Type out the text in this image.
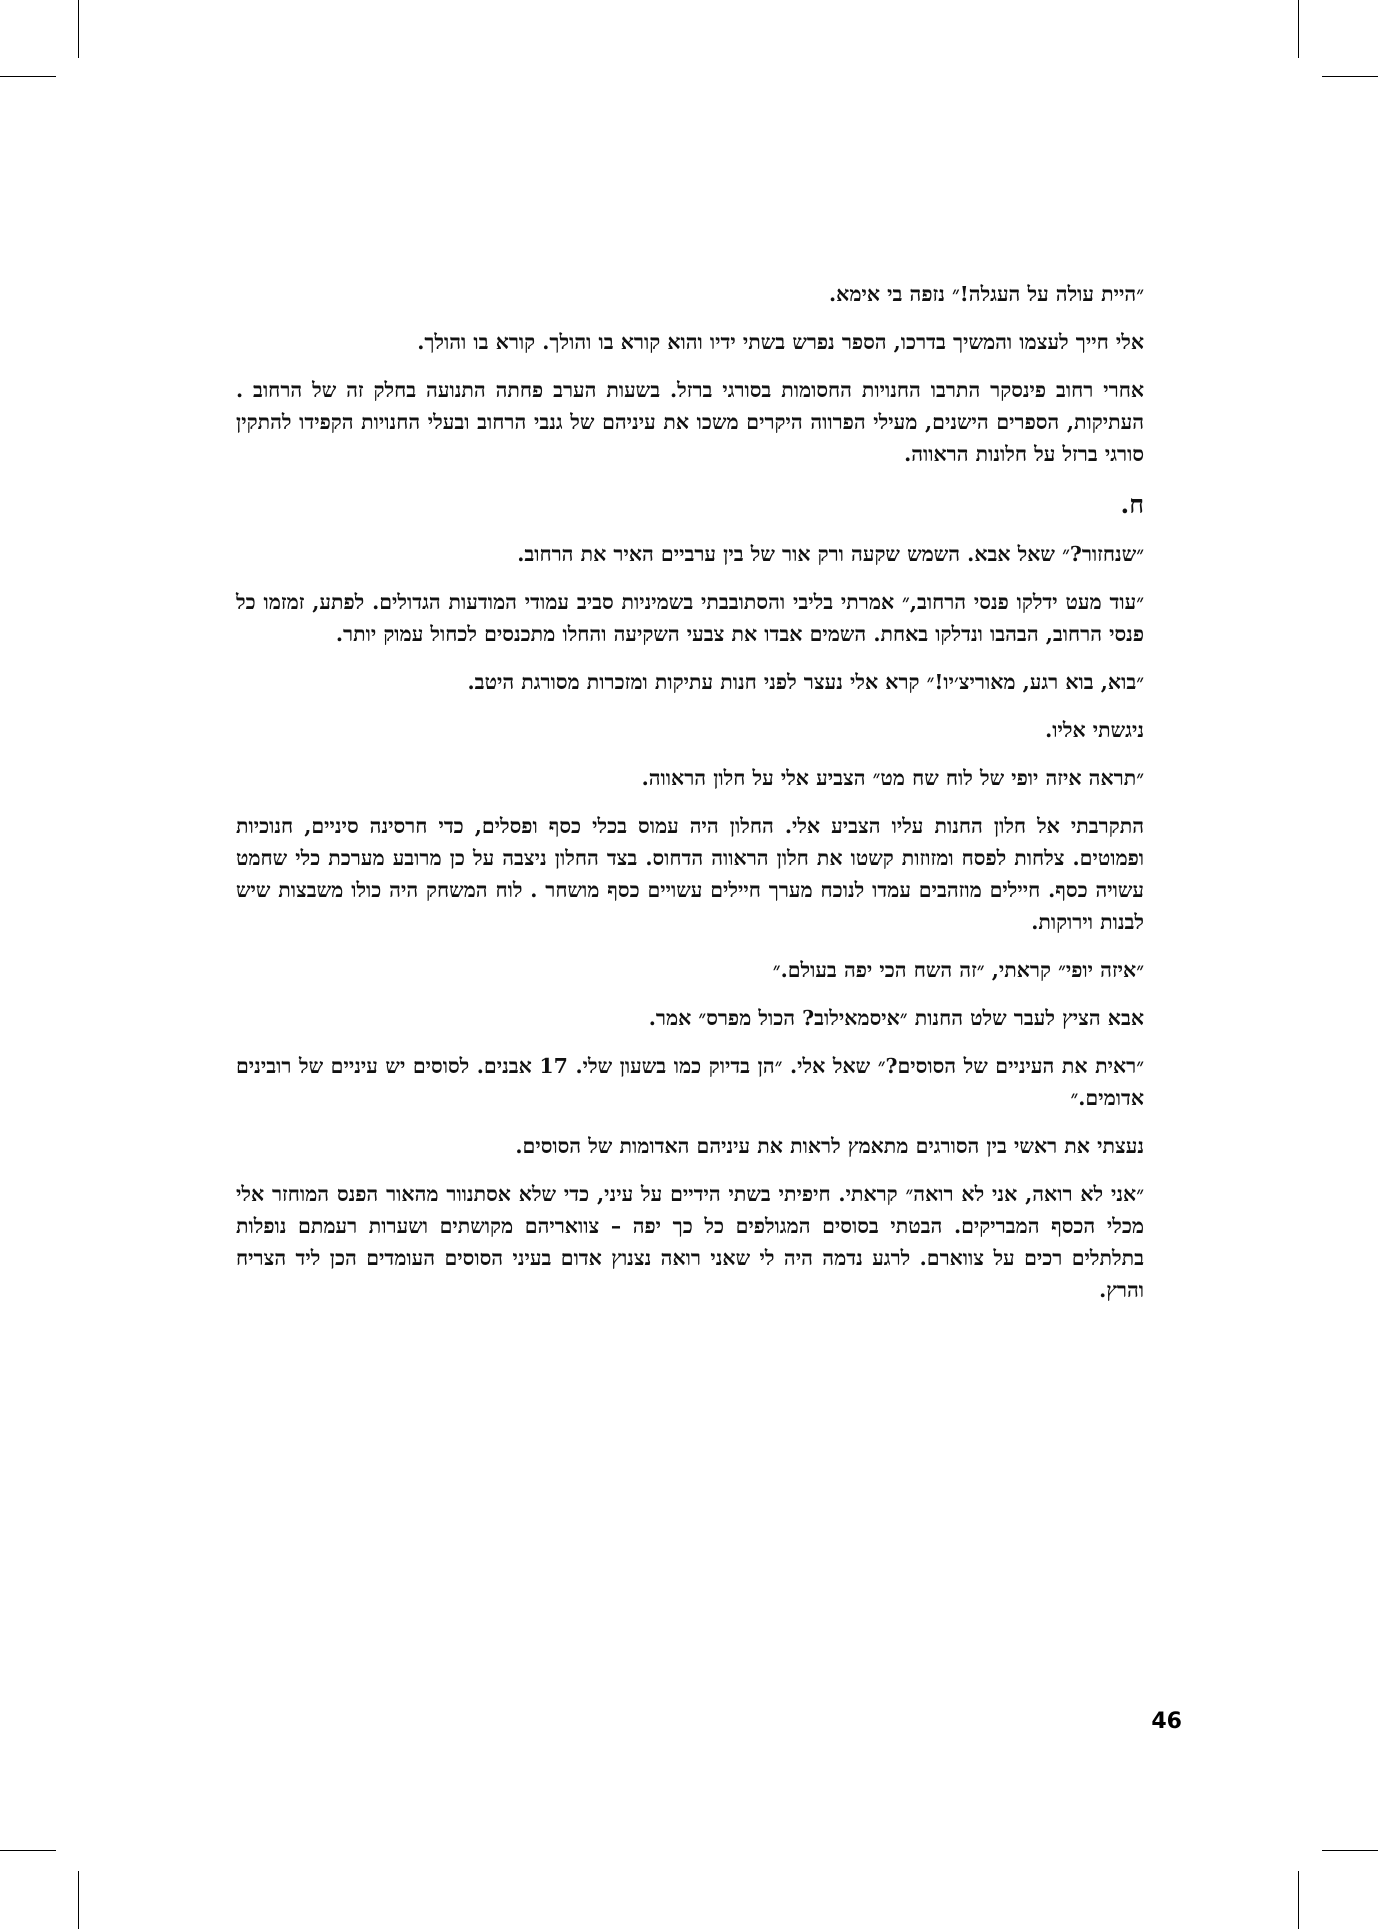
״היית עולה על העגלה!״ נזפה בי אימא.

אלי חייך לעצמו והמשיך בדרכו, הספר נפרש בשתי ידיו והוא קורא בו והולך. קורא בו והולך.

אחרי רחוב פינסקר התרבו החנויות החסומות בסורגי ברזל. בשעות הערב פחתה התנועה בחלק זה של הרחוב . העתיקות, הספרים הישנים, מעילי הפרווה היקרים משכו את עיניהם של גנבי הרחוב ובעלי החנויות הקפידו להתקין סורגי ברזל על חלונות הראווה.

ח.

״שנחזור?״ שאל אבא. השמש שקעה ורק אור של בין ערביים האיר את הרחוב.

״עוד מעט ידלקו פנסי הרחוב,״ אמרתי בליבי והסתובבתי בשמיניות סביב עמודי המודעות הגדולים. לפתע, זמזמו כל פנסי הרחוב, הבהבו ונדלקו באחת. השמים אבדו את צבעי השקיעה והחלו מתכנסים לכחול עמוק יותר.

״בוא, בוא רגע, מאוריצ׳יו!״ קרא אלי נעצר לפני חנות עתיקות ומזכרות מסורגת היטב.

ניגשתי אליו.

״תראה איזה יופי של לוח שח מט״ הצביע אלי על חלון הראווה.

התקרבתי אל חלון החנות עליו הצביע אלי. החלון היה עמוס בכלי כסף ופסלים, כדי חרסינה סיניים, חנוכיות ופמוטים. צלחות לפסח ומזוזות קשטו את חלון הראווה הדחוס. בצד החלון ניצבה על כן מרובע מערכת כלי שחמט עשויה כסף. חיילים מוזהבים עמדו לנוכח מערך חיילים עשויים כסף מושחר . לוח המשחק היה כולו משבצות שיש לבנות וירוקות.

״איזה יופי״ קראתי, ״זה השח הכי יפה בעולם.״

אבא הציץ לעבר שלט החנות ״איסמאילוב? הכול מפרס״ אמר.

״ראית את העיניים של הסוסים?״ שאל אלי. ״הן בדיוק כמו בשעון שלי. 17 אבנים. לסוסים יש עיניים של רובינים אדומים.״

נעצתי את ראשי בין הסורגים מתאמץ לראות את עיניהם האדומות של הסוסים.

״אני לא רואה, אני לא רואה״ קראתי. חיפיתי בשתי הידיים על עיני, כדי שלא אסתנוור מהאור הפנס המוחזר אלי מכלי הכסף המבריקים. הבטתי בסוסים המגולפים כל כך יפה – צוואריהם מקושתים ושערות רעמתם נופלות בתלתלים רכים על צווארם. לרגע נדמה היה לי שאני רואה נצנוץ אדום בעיני הסוסים העומדים הכן ליד הצריח והרץ.

46
